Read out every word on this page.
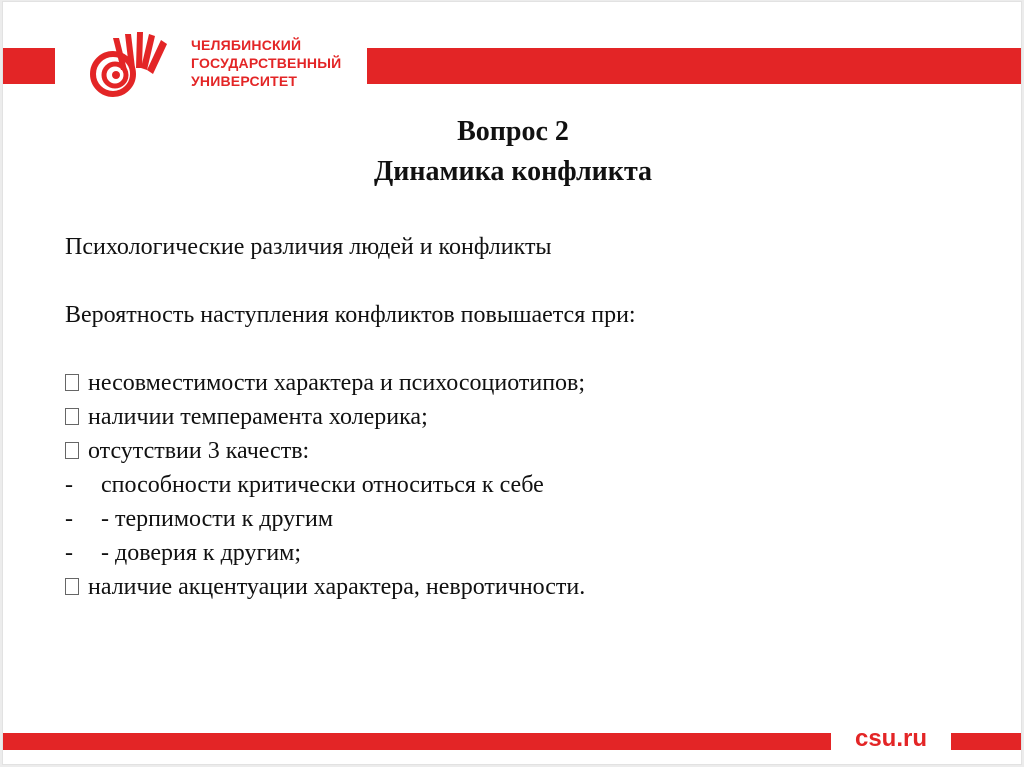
ЧЕЛЯБИНСКИЙ
ГОСУДАРСТВЕННЫЙ
УНИВЕРСИТЕТ
Вопрос 2
Динамика конфликта

Психологические различия людей и конфликты

Вероятность наступления конфликтов повышается при:

несовместимости характера и психосоциотипов;

наличии темперамента холерика;

отсутствии 3 качеств:

- способности критически относиться к себе

- - терпимости к другим

- - доверия к другим;

наличие акцентуации характера, невротичности.

csu.ru
